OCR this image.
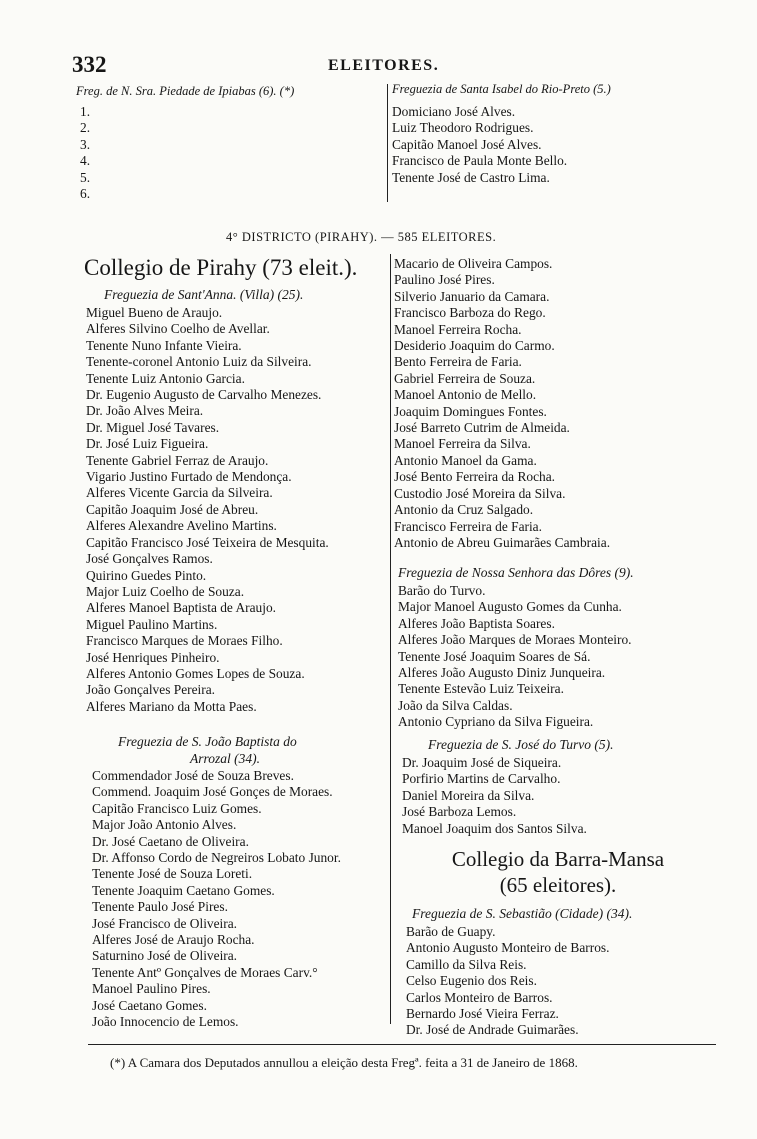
332	ELEITORES.
Freg. de N. Sra. Piedade de Ipiabas (6). (*)
1.
2.
3.
4.
5.
6.
Freguezia de Santa Isabel do Rio-Preto (5.)
Domiciano José Alves.
Luiz Theodoro Rodrigues.
Capitão Manoel José Alves.
Francisco de Paula Monte Bello.
Tenente José de Castro Lima.
4° DISTRICTO (PIRAHY). — 585 ELEITORES.
Collegio de Pirahy (73 eleit.).
Freguezia de Sant'Anna. (Villa) (25).
Miguel Bueno de Araujo.
Alferes Silvino Coelho de Avellar.
Tenente Nuno Infante Vieira.
Tenente-coronel Antonio Luiz da Silveira.
Tenente Luiz Antonio Garcia.
Dr. Eugenio Augusto de Carvalho Menezes.
Dr. João Alves Meira.
Dr. Miguel José Tavares.
Dr. José Luiz Figueira.
Tenente Gabriel Ferraz de Araujo.
Vigario Justino Furtado de Mendonça.
Alferes Vicente Garcia da Silveira.
Capitão Joaquim José de Abreu.
Alferes Alexandre Avelino Martins.
Capitão Francisco José Teixeira de Mesquita.
José Gonçalves Ramos.
Quirino Guedes Pinto.
Major Luiz Coelho de Souza.
Alferes Manoel Baptista de Araujo.
Miguel Paulino Martins.
Francisco Marques de Moraes Filho.
José Henriques Pinheiro.
Alferes Antonio Gomes Lopes de Souza.
João Gonçalves Pereira.
Alferes Mariano da Motta Paes.
Freguezia de S. João Baptista do
Arrozal (34).
Commendador José de Souza Breves.
Commend. Joaquim José Gonçes de Moraes.
Capitão Francisco Luiz Gomes.
Major João Antonio Alves.
Dr. José Caetano de Oliveira.
Dr. Affonso Cordo de Negreiros Lobato Junor.
Tenente José de Souza Loreti.
Tenente Joaquim Caetano Gomes.
Tenente Paulo José Pires.
José Francisco de Oliveira.
Alferes José de Araujo Rocha.
Saturnino José de Oliveira.
Tenente Antº Gonçalves de Moraes Carv.°
Manoel Paulino Pires.
José Caetano Gomes.
João Innocencio de Lemos.
Macario de Oliveira Campos.
Paulino José Pires.
Silverio Januario da Camara.
Francisco Barboza do Rego.
Manoel Ferreira Rocha.
Desiderio Joaquim do Carmo.
Bento Ferreira de Faria.
Gabriel Ferreira de Souza.
Manoel Antonio de Mello.
Joaquim Domingues Fontes.
José Barreto Cutrim de Almeida.
Manoel Ferreira da Silva.
Antonio Manoel da Gama.
José Bento Ferreira da Rocha.
Custodio José Moreira da Silva.
Antonio da Cruz Salgado.
Francisco Ferreira de Faria.
Antonio de Abreu Guimarães Cambraia.
Freguezia de Nossa Senhora das Dôres (9).
Barão do Turvo.
Major Manoel Augusto Gomes da Cunha.
Alferes João Baptista Soares.
Alferes João Marques de Moraes Monteiro.
Tenente José Joaquim Soares de Sá.
Alferes João Augusto Diniz Junqueira.
Tenente Estevão Luiz Teixeira.
João da Silva Caldas.
Antonio Cypriano da Silva Figueira.
Freguezia de S. José do Turvo (5).
Dr. Joaquim José de Siqueira.
Porfirio Martins de Carvalho.
Daniel Moreira da Silva.
José Barboza Lemos.
Manoel Joaquim dos Santos Silva.
Collegio da Barra-Mansa
(65 eleitores).
Freguezia de S. Sebastião (Cidade) (34).
Barão de Guapy.
Antonio Augusto Monteiro de Barros.
Camillo da Silva Reis.
Celso Eugenio dos Reis.
Carlos Monteiro de Barros.
Bernardo José Vieira Ferraz.
Dr. José de Andrade Guimarães.
(*) A Camara dos Deputados annullou a eleição desta Fregª. feita a 31 de Janeiro de 1868.
